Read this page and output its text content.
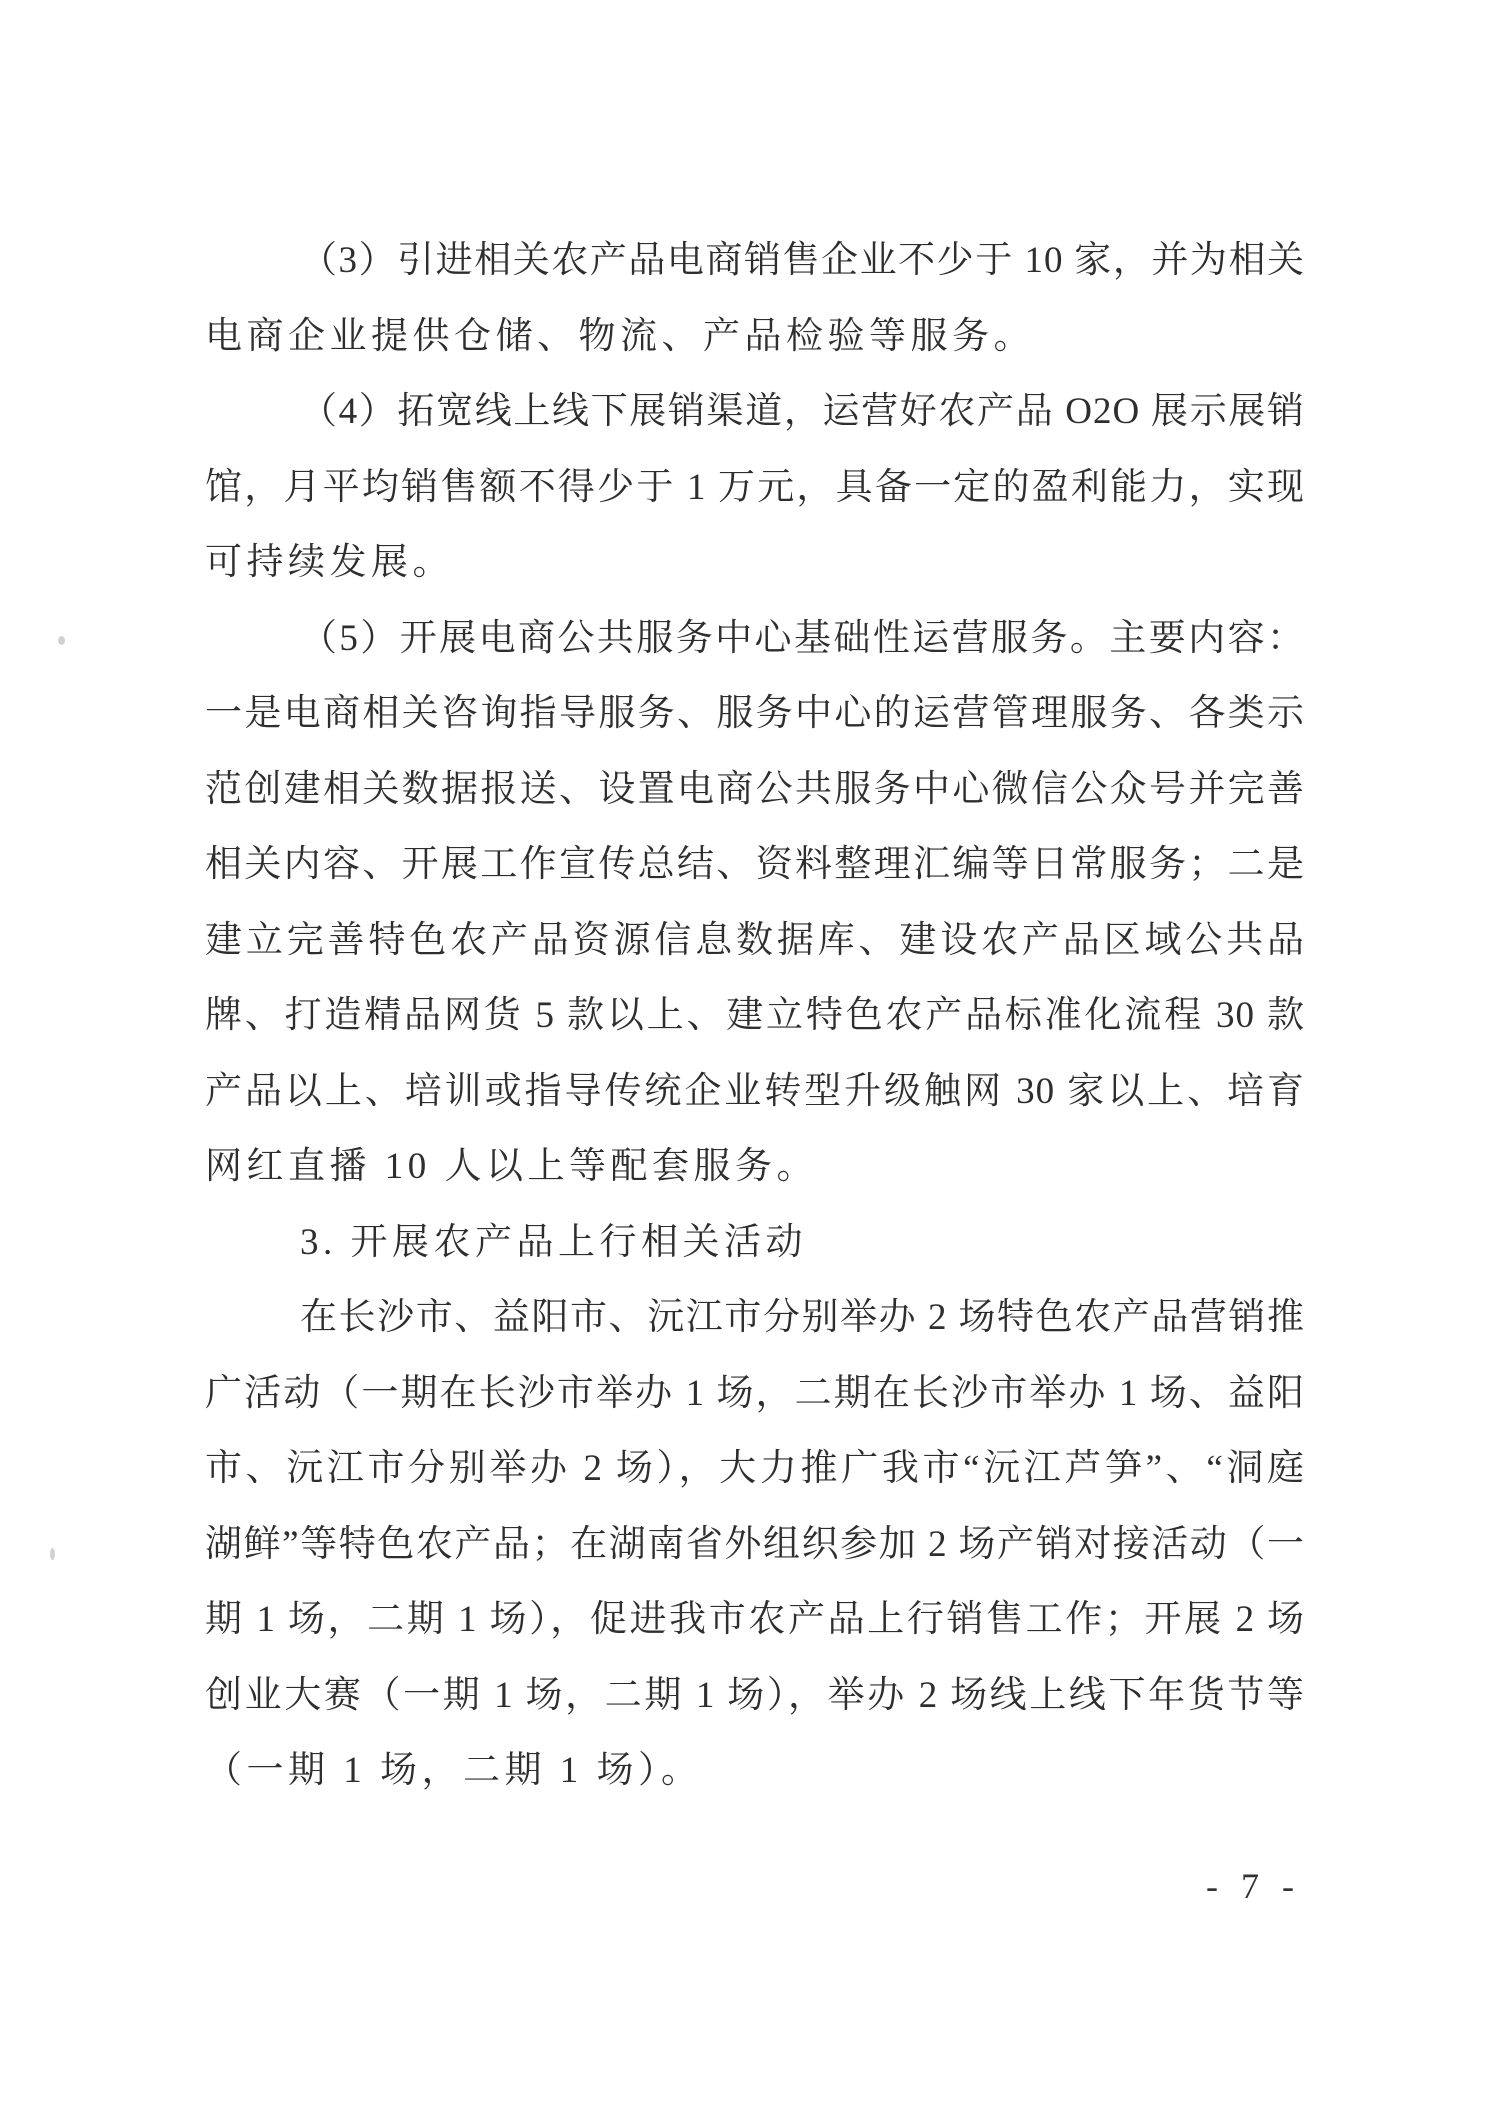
（3）引进相关农产品电商销售企业不少于 10 家，并为相关
电商企业提供仓储、物流、产品检验等服务。
（4）拓宽线上线下展销渠道，运营好农产品 O2O 展示展销
馆，月平均销售额不得少于 1 万元，具备一定的盈利能力，实现
可持续发展。
（5）开展电商公共服务中心基础性运营服务。主要内容：
一是电商相关咨询指导服务、服务中心的运营管理服务、各类示
范创建相关数据报送、设置电商公共服务中心微信公众号并完善
相关内容、开展工作宣传总结、资料整理汇编等日常服务；二是
建立完善特色农产品资源信息数据库、建设农产品区域公共品
牌、打造精品网货 5 款以上、建立特色农产品标准化流程 30 款
产品以上、培训或指导传统企业转型升级触网 30 家以上、培育
网红直播 10 人以上等配套服务。
3. 开展农产品上行相关活动
在长沙市、益阳市、沅江市分别举办 2 场特色农产品营销推
广活动（一期在长沙市举办 1 场，二期在长沙市举办 1 场、益阳
市、沅江市分别举办 2 场），大力推广我市“沅江芦笋”、“洞庭
湖鲜”等特色农产品；在湖南省外组织参加 2 场产销对接活动（一
期 1 场，二期 1 场），促进我市农产品上行销售工作；开展 2 场
创业大赛（一期 1 场，二期 1 场），举办 2 场线上线下年货节等
（一期 1 场，二期 1 场）。
- 7 -
